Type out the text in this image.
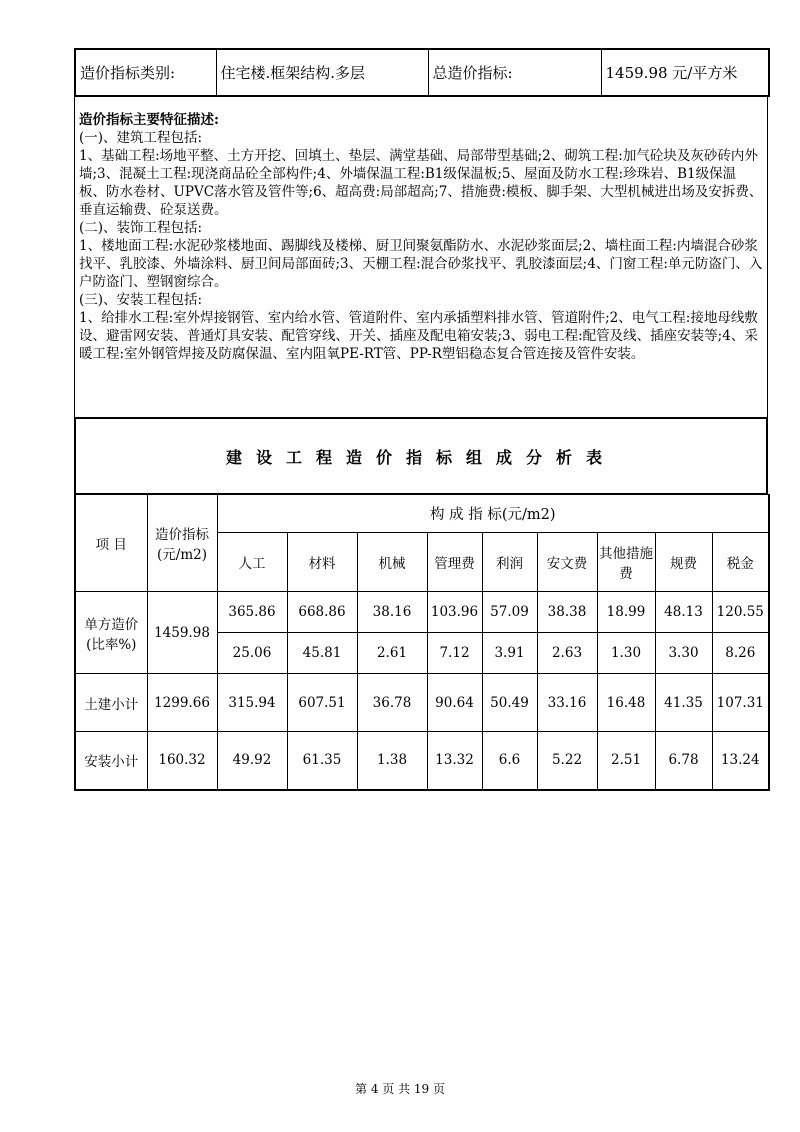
造价指标类别:	住宅楼.框架结构.多层	总造价指标:	1459.98 元/平方米
造价指标主要特征描述:
(一)、建筑工程包括:
1、基础工程:场地平整、土方开挖、回填土、垫层、满堂基础、局部带型基础;2、砌筑工程:加气砼块及灰砂砖内外墙;3、混凝土工程:现浇商品砼全部构件;4、外墙保温工程:B1级保温板;5、屋面及防水工程:珍珠岩、B1级保温板、防水卷材、UPVC落水管及管件等;6、超高费:局部超高;7、措施费:模板、脚手架、大型机械进出场及安拆费、垂直运输费、砼泵送费。
(二)、装饰工程包括:
1、楼地面工程:水泥砂浆楼地面、踢脚线及楼梯、厨卫间聚氨酯防水、水泥砂浆面层;2、墙柱面工程:内墙混合砂浆找平、乳胶漆、外墙涂料、厨卫间局部面砖;3、天棚工程:混合砂浆找平、乳胶漆面层;4、门窗工程:单元防盗门、入户防盗门、塑钢窗综合。
(三)、安装工程包括:
1、给排水工程:室外焊接钢管、室内给水管、管道附件、室内承插塑料排水管、管道附件;2、电气工程:接地母线敷设、避雷网安装、普通灯具安装、配管穿线、开关、插座及配电箱安装;3、弱电工程:配管及线、插座安装等;4、采暖工程:室外钢管焊接及防腐保温、室内阻氧PE-RT管、PP-R塑铝稳态复合管连接及管件安装。
建设工程造价指标组成分析表
项 目	造价指标(元/m2)	构 成 指 标(元/m2)								
		人工	材料	机械	管理费	利润	安文费	其他措施费	规费	税金
单方造价(比率%)	1459.98	365.86	668.86	38.16	103.96	57.09	38.38	18.99	48.13	120.55
		25.06	45.81	2.61	7.12	3.91	2.63	1.30	3.30	8.26
土建小计	1299.66	315.94	607.51	36.78	90.64	50.49	33.16	16.48	41.35	107.31
安装小计	160.32	49.92	61.35	1.38	13.32	6.6	5.22	2.51	6.78	13.24
第 4 页 共 19 页
